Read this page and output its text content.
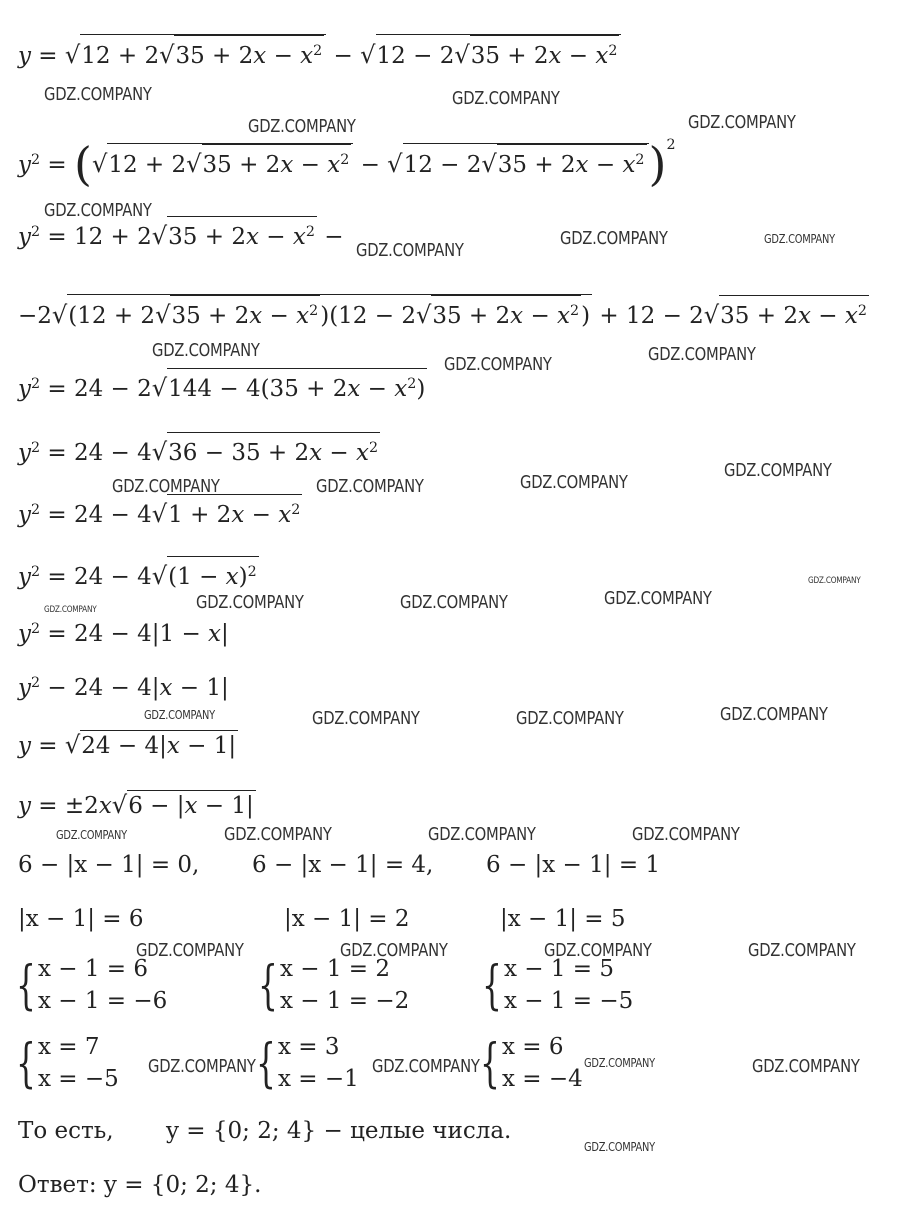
$y = √12 + 2√35 + 2x - x^2 - √12 - 2√35 + 2x - x^2$
$y^2 = (√12 + 2√35 + 2x - x^2 - √12 - 2√35 + 2x - x^2)^2$
$y^2 = 12 + 2√35 + 2x - x^2$ −
$-2√(12 + 2√35 + 2x - x^2)(12 - 2√35 + 2x - x^2) + 12 - 2√35 + 2x - x^2$
$y^2 = 24 - 2√144 - 4(35 + 2x - x^2)$
$y^2 = 24 - 4√36 - 35 + 2x - x^2$
$y^2 = 24 - 4√1 + 2x - x^2$
$y^2 = 24 - 4√(1 - x)^2$
$y^2 = 24 - 4|1 - x|$
$y^2 - 24 - 4|x - 1|$
y = √24 − 4|x − 1|
y = ±2x√6 − |x − 1|
6 − |x − 1| = 0, 6 − |x − 1| = 4, 6 − |x − 1| = 1
|x − 1| = 6	|x − 1| = 2	|x − 1| = 5
{ x − 1 = 6
x − 1 = −6 { x − 1 = 2
x − 1 = −2 { x − 1 = 5
x − 1 = −5
{ x = 7
x = −5	{ x = 3
x = −1 { x = 6
x = −4
То есть, y = {0; 2; 4} − целые числа.
Ответ: y = {0; 2; 4}.
GDZ.COMPANY	GDZ.COMPANY
GDZ.COMPANY	GDZ.COMPANY
GDZ.COMPANY
GDZ.COMPANY
GDZ.COMPANY	GDZ.COMPANY
GDZ.COMPANY
GDZ.COMPANY	GDZ.COMPANY
GDZ.COMPANY
GDZ.COMPANY	GDZ.COMPANY	GDZ.COMPANY
GDZ.COMPANY
GDZ.COMPANY	GDZ.COMPANY	GDZ.COMPANY	GDZ.COMPANY
GDZ.COMPANY	GDZ.COMPANY	GDZ.COMPANY	GDZ.COMPANY
GDZ.COMPANY	GDZ.COMPANY	GDZ.COMPANY	GDZ.COMPANY
GDZ.COMPANY	GDZ.COMPANY	GDZ.COMPANY	GDZ.COMPANY
GDZ.COMPANY	GDZ.COMPANY	GDZ.COMPANY	GDZ.COMPANY
GDZ.COMPANY
